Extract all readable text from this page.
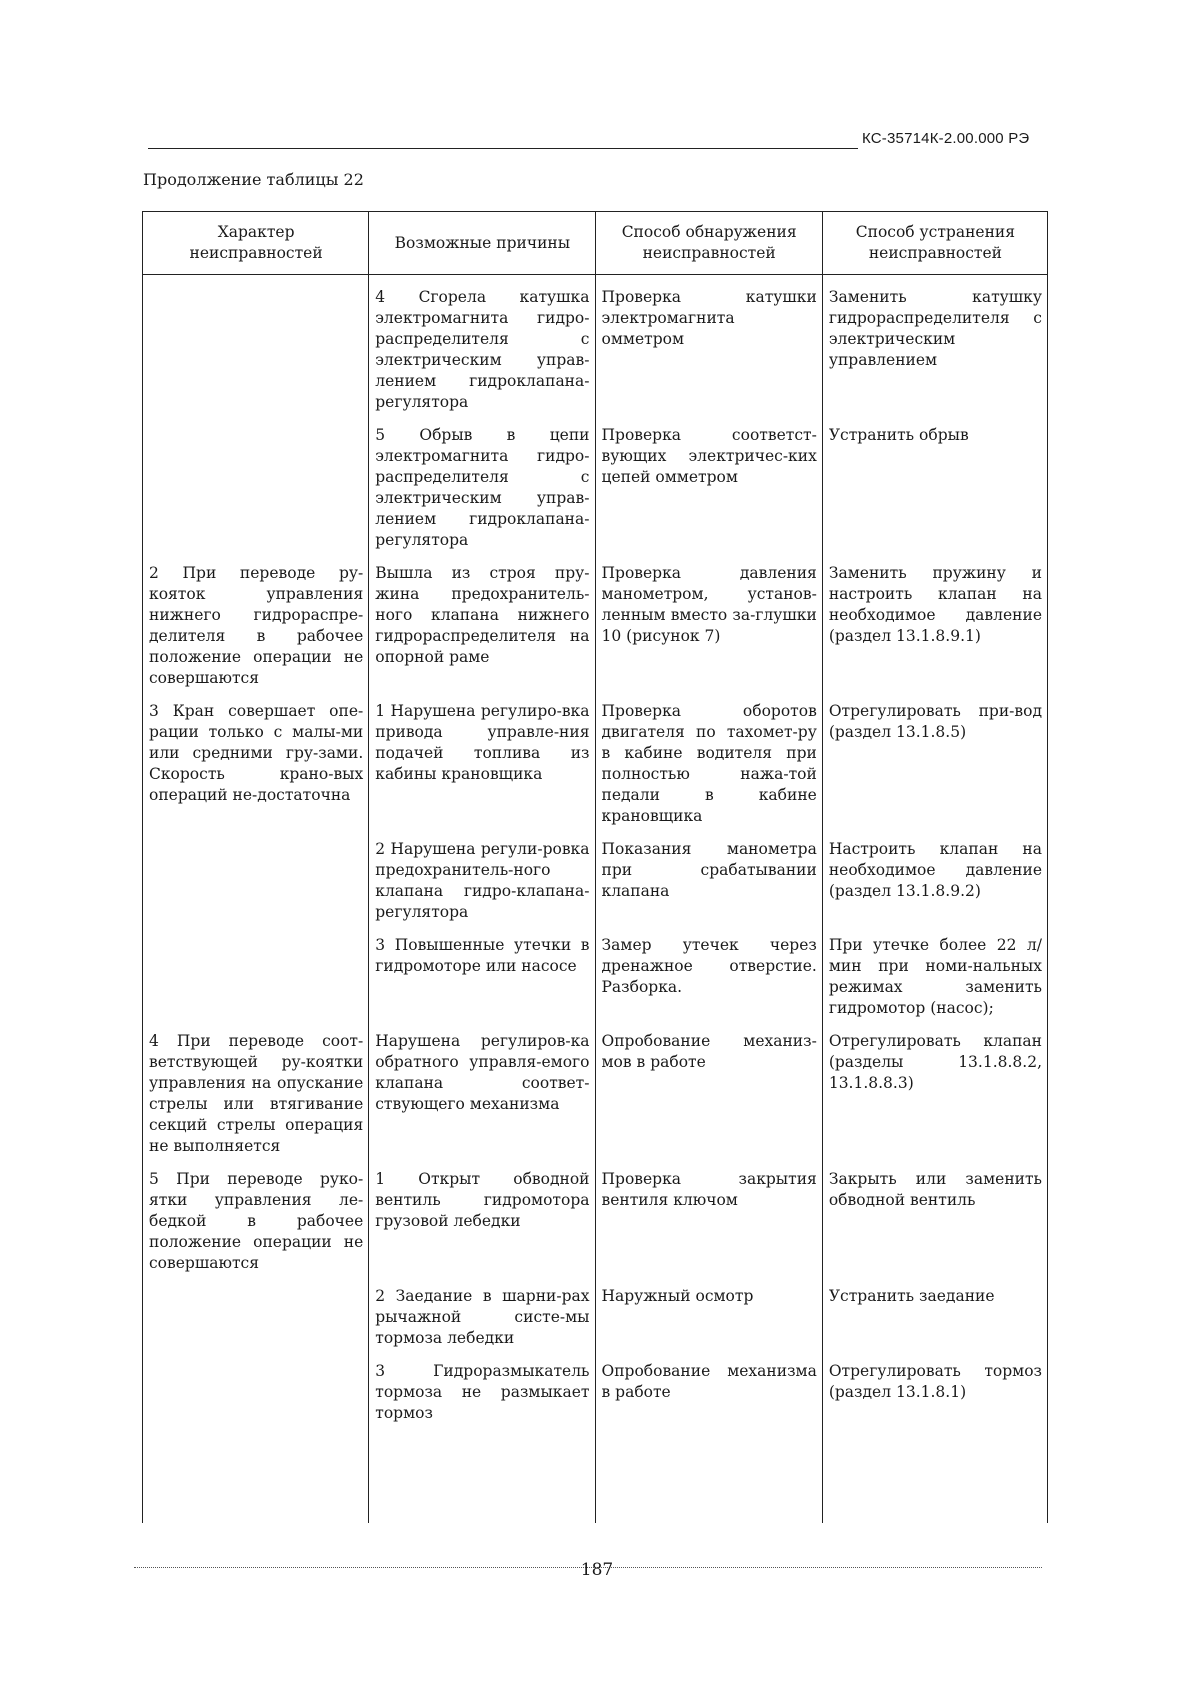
КС-35714К-2.00.000 РЭ
Продолжение таблицы 22
Характер неисправностей	Возможные причины	Способ обнаружения неисправностей	Способ устранения неисправностей
	4 Сгорела катушка электромагнита гидро-распределителя с электрическим управ-лением гидроклапана-регулятора	Проверка катушки электромагнита омметром	Заменить катушку гидрораспределителя с электрическим управлением
	5 Обрыв в цепи электромагнита гидро-распределителя с электрическим управ-лением гидроклапана-регулятора	Проверка соответст-вующих электричес-ких цепей омметром	Устранить обрыв
2 При переводе ру-кояток управления нижнего гидрораспре-делителя в рабочее положение операции не совершаются	Вышла из строя пру-жина предохранитель-ного клапана нижнего гидрораспределителя на опорной раме	Проверка давления манометром, установ-ленным вместо за-глушки 10 (рисунок 7)	Заменить пружину и настроить клапан на необходимое давление (раздел 13.1.8.9.1)
3 Кран совершает опе-рации только с малы-ми или средними гру-зами. Скорость крано-вых операций не-достаточна	1 Нарушена регулиро-вка привода управле-ния подачей топлива из кабины крановщика	Проверка оборотов двигателя по тахомет-ру в кабине водителя при полностью нажа-той педали в кабине крановщика	Отрегулировать при-вод (раздел 13.1.8.5)
	2 Нарушена регули-ровка предохранитель-ного клапана гидро-клапана-регулятора	Показания манометра при срабатывании клапана	Настроить клапан на необходимое давление (раздел 13.1.8.9.2)
	3 Повышенные утечки в гидромоторе или насосе	Замер утечек через дренажное отверстие. Разборка.	При утечке более 22 л/мин при номи-нальных режимах заменить гидромотор (насос);
4 При переводе соот-ветствующей ру-коятки управления на опускание стрелы или втягивание секций стрелы операция не выполняется	Нарушена регулиров-ка обратного управля-емого клапана соответ-ствующего механизма	Опробование механиз-мов в работе	Отрегулировать клапан (разделы 13.1.8.8.2, 13.1.8.8.3)
5 При переводе руко-ятки управления ле-бедкой в рабочее положение операции не совершаются	1 Открыт обводной вентиль гидромотора грузовой лебедки	Проверка закрытия вентиля ключом	Закрыть или заменить обводной вентиль
	2 Заедание в шарни-рах рычажной систе-мы тормоза лебедки	Наружный осмотр	Устранить заедание
	3 Гидроразмыкатель тормоза не размыкает тормоз	Опробование механизма в работе	Отрегулировать тормоз (раздел 13.1.8.1)
187
